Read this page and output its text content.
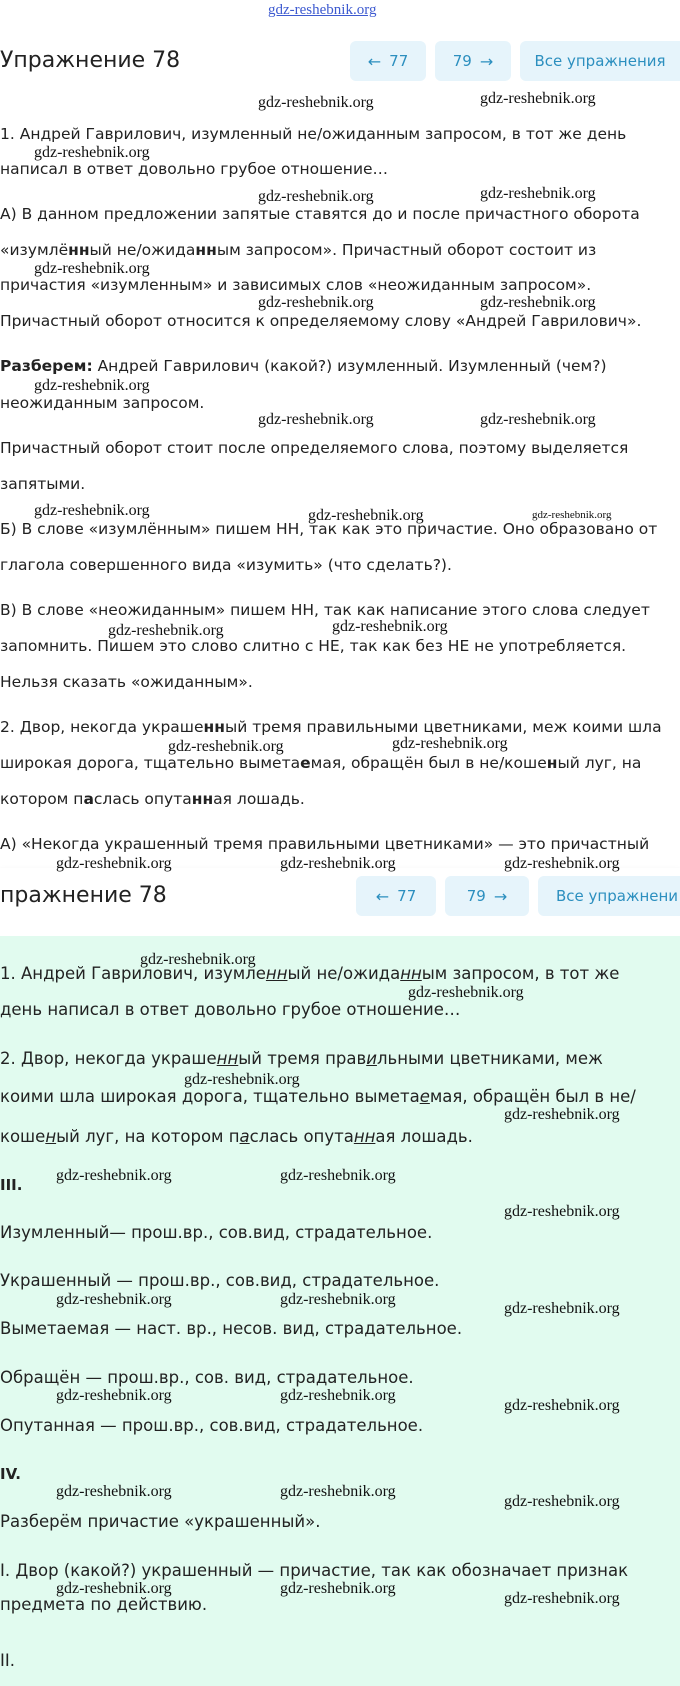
gdz-reshebnik.org
Упражнение 78	← 77	79 →	Все упражнения
1. Андрей Гаврилович, изумленный не/ожиданным запросом, в тот же день
написал в ответ довольно грубое отношение…
А) В данном предложении запятые ставятся до и после причастного оборота
«изумлённый не/ожиданным запросом». Причастный оборот состоит из
причастия «изумленным» и зависимых слов «неожиданным запросом».
Причастный оборот относится к определяемому слову «Андрей Гаврилович».
Разберем: Андрей Гаврилович (какой?) изумленный. Изумленный (чем?)
неожиданным запросом.
Причастный оборот стоит после определяемого слова, поэтому выделяется
запятыми.
Б) В слове «изумлённым» пишем НН, так как это причастие. Оно образовано от
глагола совершенного вида «изумить» (что сделать?).
В) В слове «неожиданным» пишем НН, так как написание этого слова следует
запомнить. Пишем это слово слитно с НЕ, так как без НЕ не употребляется.
Нельзя сказать «ожиданным».
2. Двор, некогда украшенный тремя правильными цветниками, меж коими шла
широкая дорога, тщательно выметаемая, обращён был в не/кошеный луг, на
котором паслась опутанная лошадь.
А) «Некогда украшенный тремя правильными цветниками» — это причастный
пражнение 78	← 77	79 →	Все упражнени
1. Андрей Гаврилович, изумленный не/ожиданным запросом, в тот же
день написал в ответ довольно грубое отношение…
2. Двор, некогда украшенный тремя правильными цветниками, меж
коими шла широкая дорога, тщательно выметаемая, обращён был в не/
кошеный луг, на котором паслась опутанная лошадь.
III.
Изумленный— прош.вр., сов.вид, страдательное.
Украшенный — прош.вр., сов.вид, страдательное.
Выметаемая — наст. вр., несов. вид, страдательное.
Обращён — прош.вр., сов. вид, страдательное.
Опутанная — прош.вр., сов.вид, страдательное.
IV.
Разберём причастие «украшенный».
I. Двор (какой?) украшенный — причастие, так как обозначает признак
предмета по действию.
II.
gdz-reshebnik.org	gdz-reshebnik.org
gdz-reshebnik.org
gdz-reshebnik.org	gdz-reshebnik.org
gdz-reshebnik.org
gdz-reshebnik.org	gdz-reshebnik.org
gdz-reshebnik.org
gdz-reshebnik.org	gdz-reshebnik.org
gdz-reshebnik.org	gdz-reshebnik.org	gdz-reshebnik.org
gdz-reshebnik.org	gdz-reshebnik.org
gdz-reshebnik.org	gdz-reshebnik.org
gdz-reshebnik.org	gdz-reshebnik.org	gdz-reshebnik.org
gdz-reshebnik.org
gdz-reshebnik.org
gdz-reshebnik.org
gdz-reshebnik.org
gdz-reshebnik.org	gdz-reshebnik.org
gdz-reshebnik.org
gdz-reshebnik.org	gdz-reshebnik.org
gdz-reshebnik.org
gdz-reshebnik.org	gdz-reshebnik.org
gdz-reshebnik.org
gdz-reshebnik.org	gdz-reshebnik.org
gdz-reshebnik.org
gdz-reshebnik.org	gdz-reshebnik.org
gdz-reshebnik.org
